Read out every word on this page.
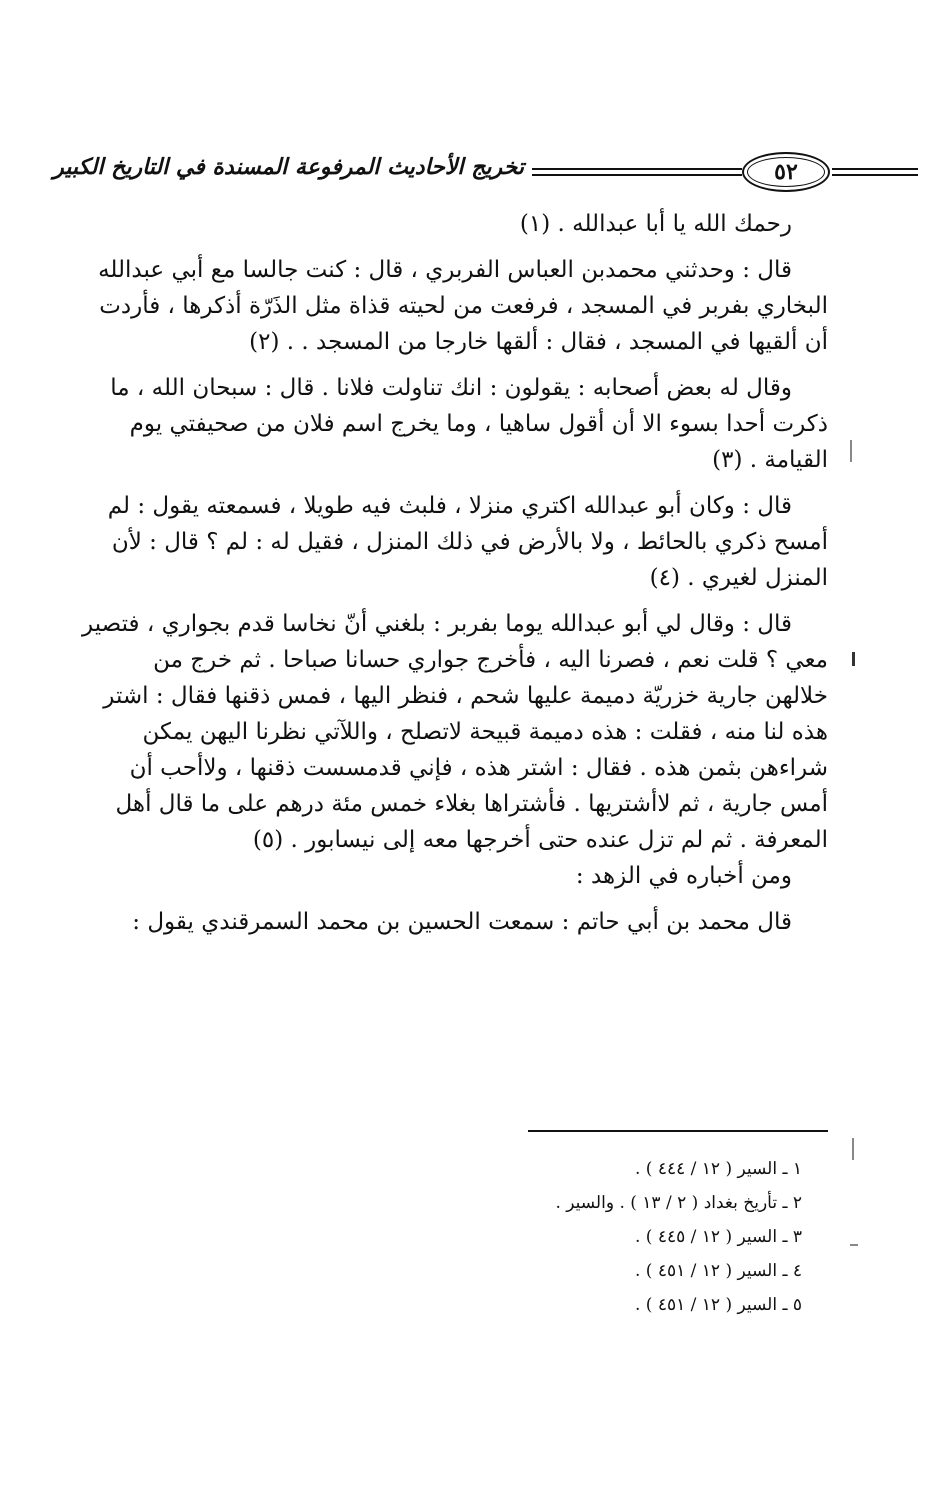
٥٢
تخريج الأحاديث المرفوعة المسندة في التاريخ الكبير
رحمك الله يا أبا عبدالله . (١)
قال : وحدثني محمدبن العباس الفربري ، قال : كنت جالسا مع أبي عبدالله
البخاري بفربر في المسجد ، فرفعت من لحيته قذاة مثل الذَرّة أذكرها ، فأردت
أن ألقيها في المسجد ، فقال : ألقها خارجا من المسجد . . (٢)
وقال له بعض أصحابه : يقولون : انك تناولت فلانا . قال : سبحان الله ، ما
ذكرت أحدا بسوء الا أن أقول ساهيا ، وما يخرج اسم فلان من صحيفتي يوم
القيامة . (٣)
قال : وكان أبو عبدالله اكتري منزلا ، فلبث فيه طويلا ، فسمعته يقول : لم
أمسح ذكري بالحائط ، ولا بالأرض في ذلك المنزل ، فقيل له : لم ؟ قال : لأن
المنزل لغيري . (٤)
قال : وقال لي أبو عبدالله يوما بفربر : بلغني أنّ نخاسا قدم بجواري ، فتصير
معي ؟ قلت نعم ، فصرنا اليه ، فأخرج جواري حسانا صباحا . ثم خرج من
خلالهن جارية خزريّة دميمة عليها شحم ، فنظر اليها ، فمس ذقنها فقال : اشتر
هذه لنا منه ، فقلت : هذه دميمة قبيحة لاتصلح ، واللآتي نظرنا اليهن يمكن
شراءهن بثمن هذه . فقال : اشتر هذه ، فإني قدمسست ذقنها ، ولاأحب أن
أمس جارية ، ثم لاأشتريها . فأشتراها بغلاء خمس مئة درهم على ما قال أهل
المعرفة . ثم لم تزل عنده حتى أخرجها معه إلى نيسابور . (٥)
ومن أخباره في الزهد :
قال محمد بن أبي حاتم : سمعت الحسين بن محمد السمرقندي يقول :
١ ـ السير ( ١٢ / ٤٤٤ ) .
٢ ـ تأريخ بغداد ( ٢ / ١٣ ) . والسير .
٣ ـ السير ( ١٢ / ٤٤٥ ) .
٤ ـ السير ( ١٢ / ٤٥١ ) .
٥ ـ السير ( ١٢ / ٤٥١ ) .
